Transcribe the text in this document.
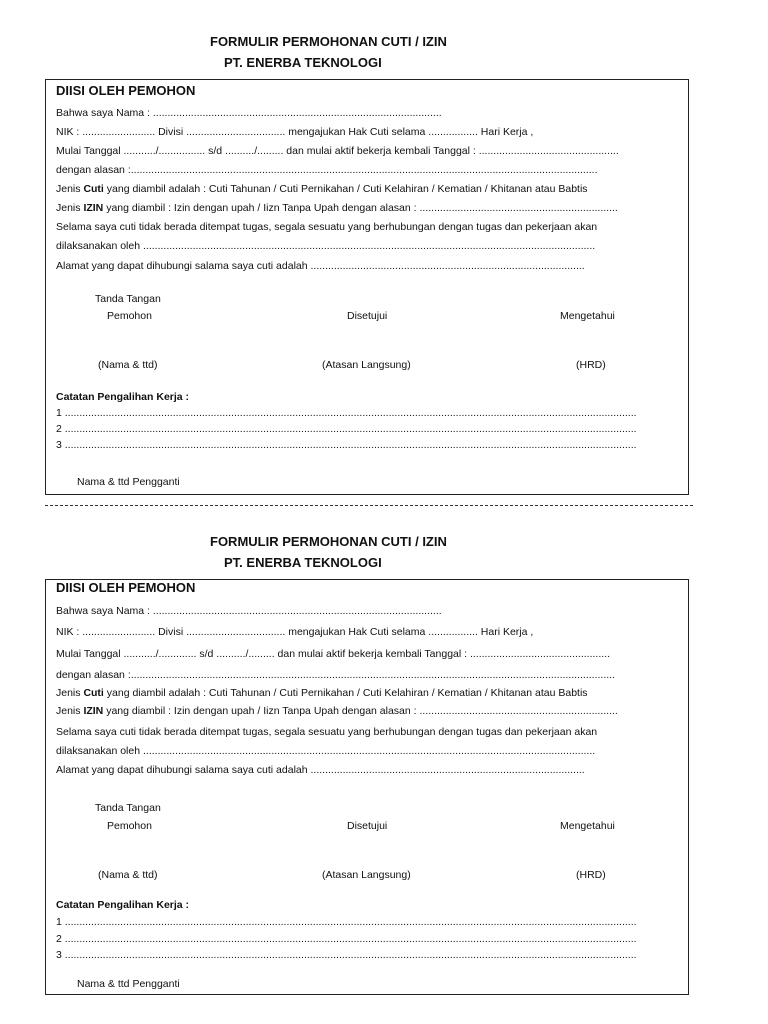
FORMULIR PERMOHONAN CUTI / IZIN
PT. ENERBA TEKNOLOGI
DIISI OLEH PEMOHON
Bahwa saya Nama : ...................................................................................................
NIK : ......................... Divisi .................................. mengajukan Hak Cuti selama ................. Hari Kerja ,
Mulai Tanggal .........../................ s/d ........../......... dan mulai aktif bekerja kembali Tanggal : ................................................
dengan alasan :................................................................................................................................................................
Jenis Cuti yang diambil adalah : Cuti Tahunan / Cuti Pernikahan / Cuti Kelahiran / Kematian / Khitanan atau Babtis
Jenis IZIN yang diambil : Izin dengan upah / Iizn Tanpa Upah dengan alasan : ....................................................................
Selama saya cuti tidak berada ditempat tugas, segala sesuatu yang berhubungan dengan tugas dan pekerjaan akan
dilaksanakan oleh ...........................................................................................................................................................
Alamat yang dapat dihubungi salama saya cuti adalah ..............................................................................................
Tanda Tangan
Pemohon	Disetujui	Mengetahui
(Nama & ttd)	(Atasan Langsung)	(HRD)
Catatan Pengalihan Kerja :
1 ....................................................................................................................................................................................................
2 ....................................................................................................................................................................................................
3 ....................................................................................................................................................................................................
Nama & ttd Pengganti
FORMULIR PERMOHONAN CUTI / IZIN
PT. ENERBA TEKNOLOGI
DIISI OLEH PEMOHON
Bahwa saya Nama : ...................................................................................................
NIK : ......................... Divisi .................................. mengajukan Hak Cuti selama ................. Hari Kerja ,
Mulai Tanggal .........../............. s/d ........../......... dan mulai aktif bekerja kembali Tanggal : ................................................
dengan alasan :......................................................................................................................................................................
Jenis Cuti yang diambil adalah : Cuti Tahunan / Cuti Pernikahan / Cuti Kelahiran / Kematian / Khitanan atau Babtis
Jenis IZIN yang diambil : Izin dengan upah / Iizn Tanpa Upah dengan alasan : ....................................................................
Selama saya cuti tidak berada ditempat tugas, segala sesuatu yang berhubungan dengan tugas dan pekerjaan akan
dilaksanakan oleh ...........................................................................................................................................................
Alamat yang dapat dihubungi salama saya cuti adalah ..............................................................................................
Tanda Tangan
Pemohon	Disetujui	Mengetahui
(Nama & ttd)	(Atasan Langsung)	(HRD)
Catatan Pengalihan Kerja :
1 ....................................................................................................................................................................................................
2 ....................................................................................................................................................................................................
3 ....................................................................................................................................................................................................
Nama & ttd Pengganti
